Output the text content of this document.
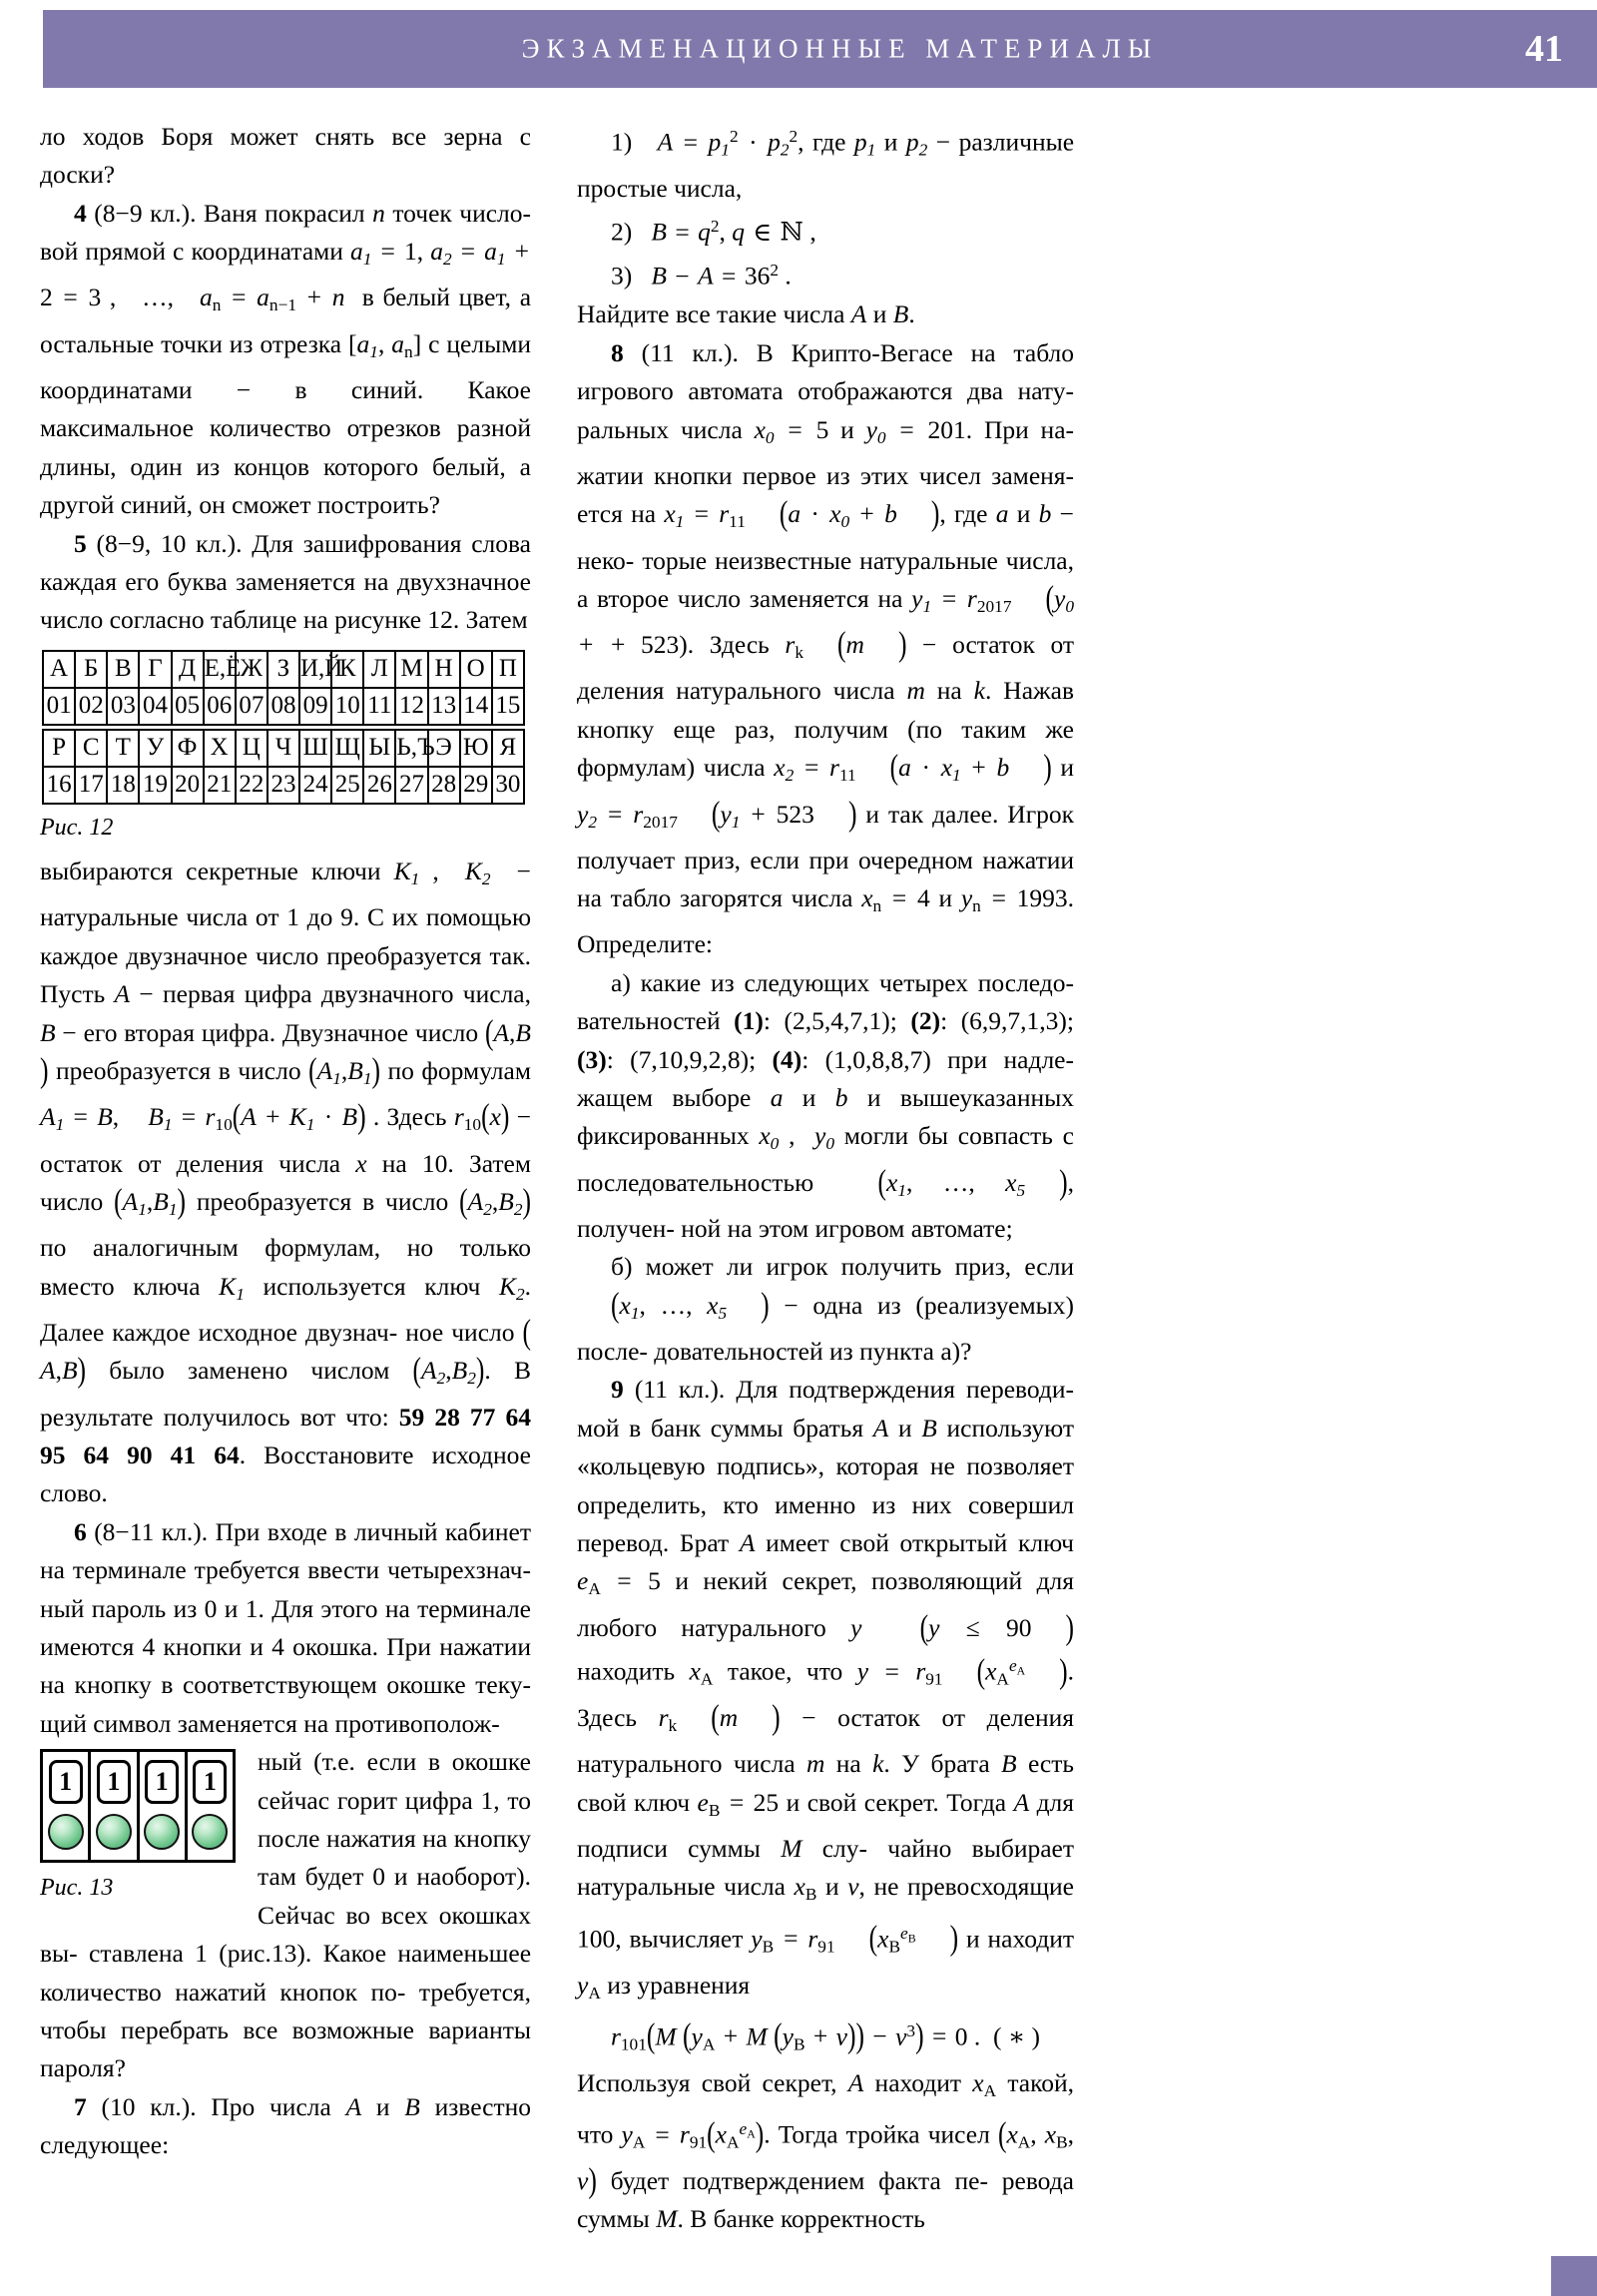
ЭКЗАМЕНАЦИОННЫЕ МАТЕРИАЛЫ	41

ло ходов Боря может снять все зерна с доски?

4 (8−9 кл.). Ваня покрасил n точек число- вой прямой с координатами $a_1 = 1$, $a_2 = a_1 + 2 = 3$ ,   …,   $a_n = a_{n-1} + n$  в белый цвет, а остальные точки из отрезка [$a_1$, $a_n$] с целыми координатами − в синий. Какое максимальное количество отрезков разной длины, один из концов которого белый, а другой синий, он сможет построить?

5 (8−9, 10 кл.). Для зашифрования слова каждая его буква заменяется на двухзначное число согласно таблице на рисунке 12. Затем

А	Б	В	Г	Д	Е,Ё	Ж	З	И,Й	К	Л	М	Н	О	П
01	02	03	04	05	06	07	08	09	10	11	12	13	14	15
Р	С	Т	У	Ф	Х	Ц	Ч	Ш	Щ	Ы	Ь,Ъ	Э	Ю	Я
16	17	18	19	20	21	22	23	24	25	26	27	28	29	30
Рис. 12

выбираются секретные ключи $K_1$ ,  $K_2$  − натуральные числа от 1 до 9. С их помощью каждое двузначное число преобразуется так. Пусть A − первая цифра двузначного числа, B − его вторая цифра. Двузначное число (A,B) преобразуется в число $(A_1,B_1)$ по формулам $A_1 = B$,    $B_1 = r_{10}(A + K_1 \cdot B)$ . Здесь $r_{10}(x)$ − остаток от деления числа x на 10. Затем число $(A_1,B_1)$ преобразуется в число $(A_2,B_2)$ по аналогичным формулам, но только вместо ключа $K_1$ используется ключ $K_2$. Далее каждое исходное двузнач- ное число (A,B) было заменено числом $(A_2,B_2)$. В результате получилось вот что: 59 28 77 64 95 64 90 41 64. Восстановите исходное слово.

6 (8−11 кл.). При входе в личный кабинет на терминале требуется ввести четырехзнач- ный пароль из 0 и 1. Для этого на терминале имеются 4 кнопки и 4 окошка. При нажатии на кнопку в соответствующем окошке теку- щий символ заменяется на противополож-

1	1	1	1
Рис. 13

ный (т.е. если в окошке сейчас горит цифра 1, то после нажатия на кнопку там будет 0 и наоборот). Сейчас во всех окошках вы- ставлена 1 (рис.13). Какое наименьшее количество нажатий кнопок по- требуется, чтобы перебрать все возможные варианты пароля?

7 (10 кл.). Про числа A и B известно следующее:

1) $A = p_1^2 \cdot p_2^2$, где $p_1$ и $p_2$ − различные простые числа,

2) $B = q^2$, q ∈ ℕ ,

3) $B - A = 36^2$ .

Найдите все такие числа A и B.

8 (11 кл.). В Крипто-Вегасе на табло игрового автомата отображаются два нату- ральных числа $x_0 = 5$ и $y_0 = 201$. При на- жатии кнопки первое из этих чисел заменя- ется на $x_1 = r_{11}$ ($a \cdot x_0 + b$ ), где a и b − неко- торые неизвестные натуральные числа, а второе число заменяется на $y_1 = r_{2017}$ ($y_0$ + + 523). Здесь $r_k$ (m ) − остаток от деления натурального числа m на k. Нажав кнопку еще раз, получим (по таким же формулам) числа $x_2 = r_{11}$ ($a \cdot x_1 + b$ ) и $y_2 = r_{2017}$ ($y_1 + 523$ ) и так далее. Игрок получает приз, если при очередном нажатии на табло загорятся числа $x_n = 4$ и $y_n = 1993$. Определите:

а) какие из следующих четырех последо- вательностей (1): (2,5,4,7,1); (2): (6,9,7,1,3); (3): (7,10,9,2,8); (4): (1,0,8,8,7) при надле- жащем выборе a и b и вышеуказанных фиксированных $x_0$ ,  $y_0$ могли бы совпасть с последовательностью ($x_1$, …, $x_5$ ), получен- ной на этом игровом автомате;

б) может ли игрок получить приз, если ($x_1$, …, $x_5$ ) − одна из (реализуемых) после- довательностей из пункта а)?

9 (11 кл.). Для подтверждения переводи- мой в банк суммы братья A и B используют «кольцевую подпись», которая не позволяет определить, кто именно из них совершил перевод. Брат A имеет свой открытый ключ $e_A = 5$ и некий секрет, позволяющий для любого натурального y (y ≤ 90 ) находить $x_A$ такое, что $y = r_{91}$ ($x_A^{e_A}$ ). Здесь $r_k$ (m ) − остаток от деления натурального числа m на k. У брата B есть свой ключ $e_B = 25$ и свой секрет. Тогда A для подписи суммы M слу- чайно выбирает натуральные числа $x_B$ и v, не превосходящие 100, вычисляет $y_B = r_{91}$ ($x_B^{e_B}$ ) и находит $y_A$ из уравнения

$r_{101}(M$ ($y_A + M$ $(y_B + v)) - v^3) = 0$ .  ( ∗ )

Используя свой секрет, A находит $x_A$ такой, что $y_A = r_{91}(x_A^{e_A})$. Тогда тройка чисел ($x_A$, $x_B$, v) будет подтверждением факта пе- ревода суммы M. В банке корректность
